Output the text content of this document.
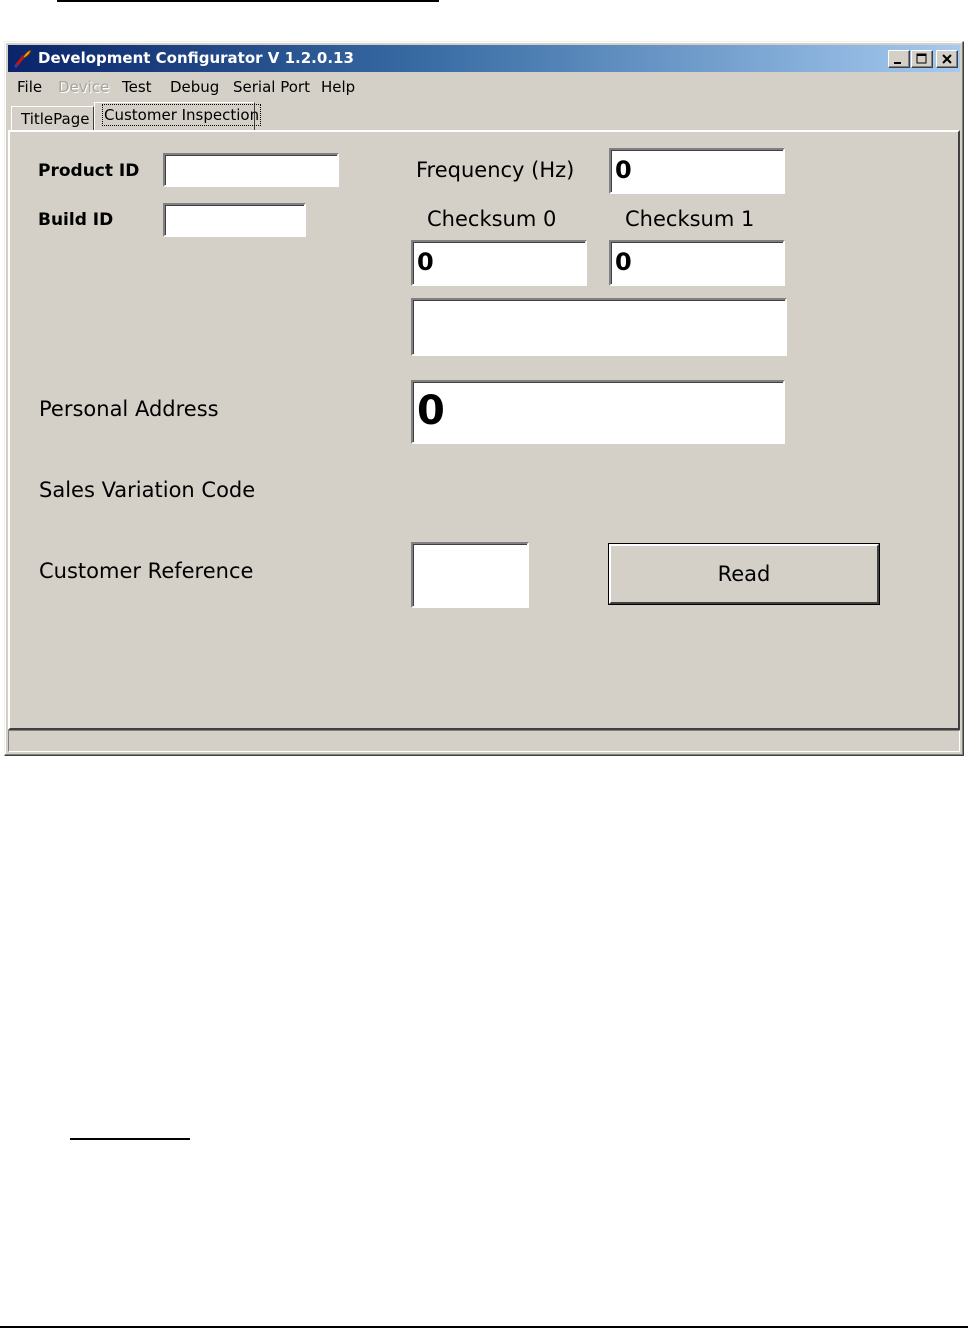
Development Configurator V 1.2.0.13
File Device Test Debug Serial Port Help
TitlePage Customer Inspection
Product ID
Build ID
Frequency (Hz) 0
Checksum 0	Checksum 1
0	0
Personal Address	0
Sales Variation Code
Customer Reference	Read
